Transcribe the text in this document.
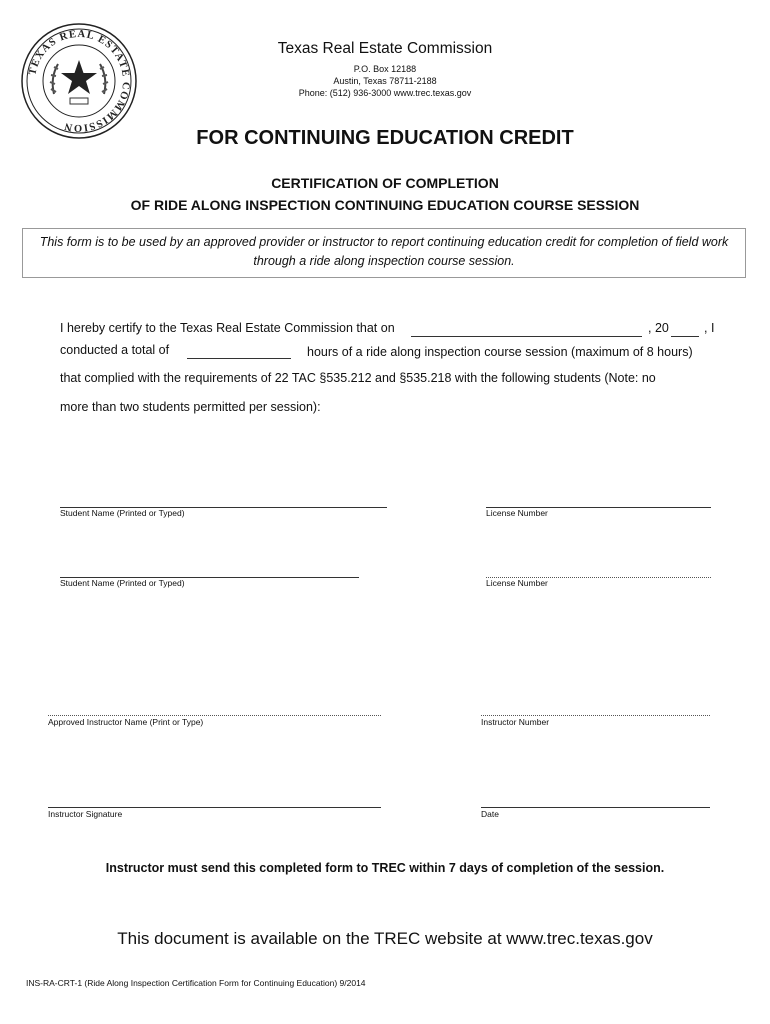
TEXAS REAL ESTATE COMMISSION
Texas Real Estate Commission
P.O. Box 12188
Austin, Texas 78711-2188
Phone: (512) 936-3000 www.trec.texas.gov
FOR CONTINUING EDUCATION CREDIT
CERTIFICATION OF COMPLETION
OF RIDE ALONG INSPECTION CONTINUING EDUCATION COURSE SESSION
This form is to be used by an approved provider or instructor to report continuing education credit for completion of field work through a ride along inspection course session.
I hereby certify to the Texas Real Estate Commission that on	, 20	, I
conducted a total of	hours of a ride along inspection course session (maximum of 8 hours)
that complied with the requirements of 22 TAC §535.212 and §535.218 with the following students (Note: no
more than two students permitted per session):
Student Name (Printed or Typed)	License Number
Student Name (Printed or Typed)	License Number
Approved Instructor Name (Print or Type)	Instructor Number
Instructor Signature	Date
Instructor must send this completed form to TREC within 7 days of completion of the session.
This document is available on the TREC website at www.trec.texas.gov
INS-RA-CRT-1 (Ride Along Inspection Certification Form for Continuing Education) 9/2014
